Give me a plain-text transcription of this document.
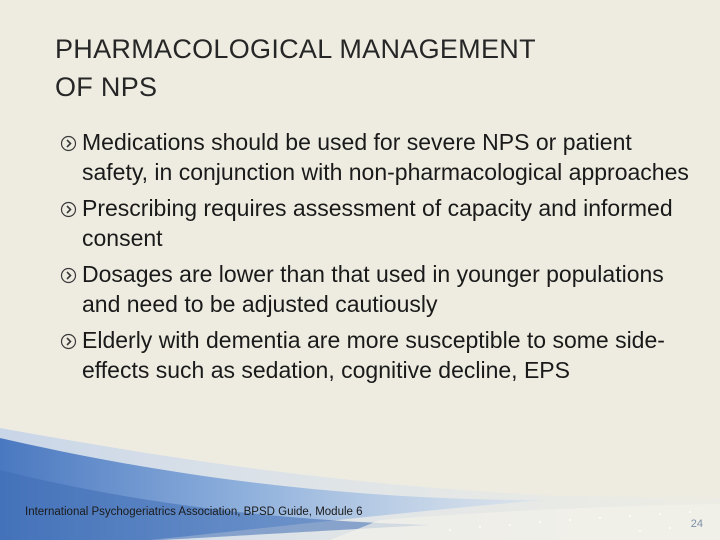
PHARMACOLOGICAL MANAGEMENT
OF NPS
Medications should be used for severe NPS or patient safety, in conjunction with non-pharmacological approaches
Prescribing requires assessment of capacity and informed consent
Dosages are lower than that used in younger populations and need to be adjusted cautiously
Elderly with dementia are more susceptible to some side-effects such as sedation, cognitive decline, EPS
International Psychogeriatrics Association, BPSD Guide, Module 6
24
